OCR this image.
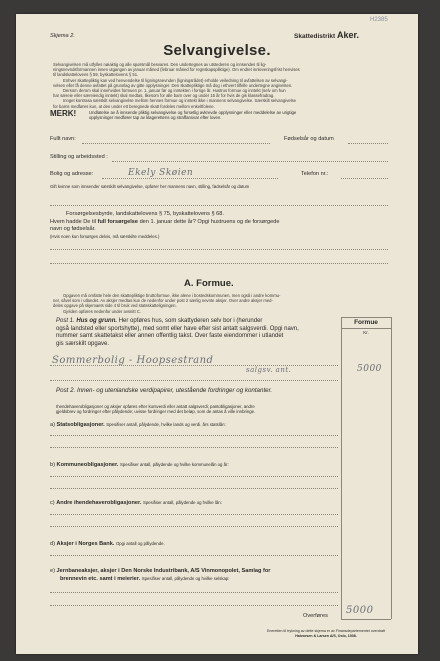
Skjema 2.	Skattedistrikt Aker.
H2385
Selvangivelse.
Selvangivelsen må utfylles nøiaktig og alle spørsmål besvares. Den undertegnes av utstederen og innsendes til lig-
ningsnevndsformannen innen utgangen av januar måned (februar måned for regnskapspliktige). Om endret innleveringsfrist henvises
til landskattelovens § 59, byskattelovens § 51.
Enhver skattepliktig kan ved henvendelse til ligningsnevnden (ligningsrådet) erholde veiledning til avfattelsen av selvangi-
velsen eller få denne avfattet på grunnlag av gitte opplysninger. Den skattepliktige må dog i ethvert tilfelle undertegne angivelsen.
Dersom derom skal innehvides formuen pr. 1. januar før og inntekten i forrige år. Hustrus formue og inntekt (selv om hun
har særeie eller særeiendig inntekt) skal medtas, likesom for alle barn over og under 15 år for hvis de gis klassefradrag.
Innget kontrasa særskilt selvangivelse mellom hennes formue og inntekt ikke i mannens selvangivelse. Særskilt selvangivelse
for barns medføres kun, at den under ett beregnede skatt fordeles mellom enkeltfolene.
MERK!	Undlatelse av å innsende pliktig selvangivelse og forsetlig avkrevde opplysninger eller meddelelse av urigtige
opplysninger medfører tap av klagerettens og straffansvar efter loven.
Fullt navn:	Fødselsår og datum
Stilling og arbeidssted :
Bolig og adresse:	Ekely Skøien	Telefon nr.:
Gift kvinne som innsender særskilt selvangivelse, opfører her mannens navn, stilling, fødselsår og datum
Forsørgelsesbyrde, landskattelovens § 75, byskattelovens § 68.
Hvem hadde De til full forsørgelse den 1. januar dette år? Opgi hustruens og de forsørgede
navn og fødselsår.
(Hvis noen kun forsørges delvis, må særskilte meddeles.)
A. Formue.
Opgaven må omfatte hele den skattepliktige bruttoformue, ikke alene i bostedskommunen, men også i andre kommu-
ner, såvel som i utlandet. Av aksjer medtas kun de nedenfor under post 2 særlig nevnte aksjer. Over andre aksjer med-
deles opgave på skjemaets side 4 til bruk ved statsskatteligningen.
Gjelden opføres nedenfor under avsnitt C.
Formue
Kr.
Post 1. Hus og grunn. Her opføres hus, som skattyderen selv bor i (herunder
også landsted eller sportshytte), med somt eller have efter sist antatt salgsverdi. Opgi navn,
nummer samt skattetakst eller annen offentlig takst. Over faste eiendommer i utlandet
gis særskilt opgave.
Sommerbolig - Hoopsestrand
salgsv. ant.	5000
Post 2. Innen- og utenlandske verdipapirer, utestående fordringer og kontanter.
Ihendehaverobligasjoner og aksjer opføres efter kursverdi eller antatt salgsverdi; pantobligasjoner, andre
gjeldsbrev og fordringer efter pålydende; uvisse fordringer med det beløp, som de antas å ville innbringe.
a) Statsobligasjoner. Spesifiser antall, pålydende, hvilke lands og verdi. års statslån:
b) Kommuneobligasjoner. Spesifiser antall, pålydende og hvilke kommunelån og år:
c) Andre ihendehaverobligasjoner. Spesifiser antall, pålydende og hvilke lån:
d) Aksjer i Norges Bank. Opgi antall og pålydende.
e) Jernbaneaksjer, aksjer i Den Norske Industribank, A/S Vinmonopolet, Samlag for
brennevin etc. samt i meierier. Spesifiser antall, pålydende og hvilke selskap:
Overføres 5000
Eneretten til trykning av dette skjema er av Finansdepartementet overdratt
Halvorsen & Larsen A/S, Oslo, 1938.
